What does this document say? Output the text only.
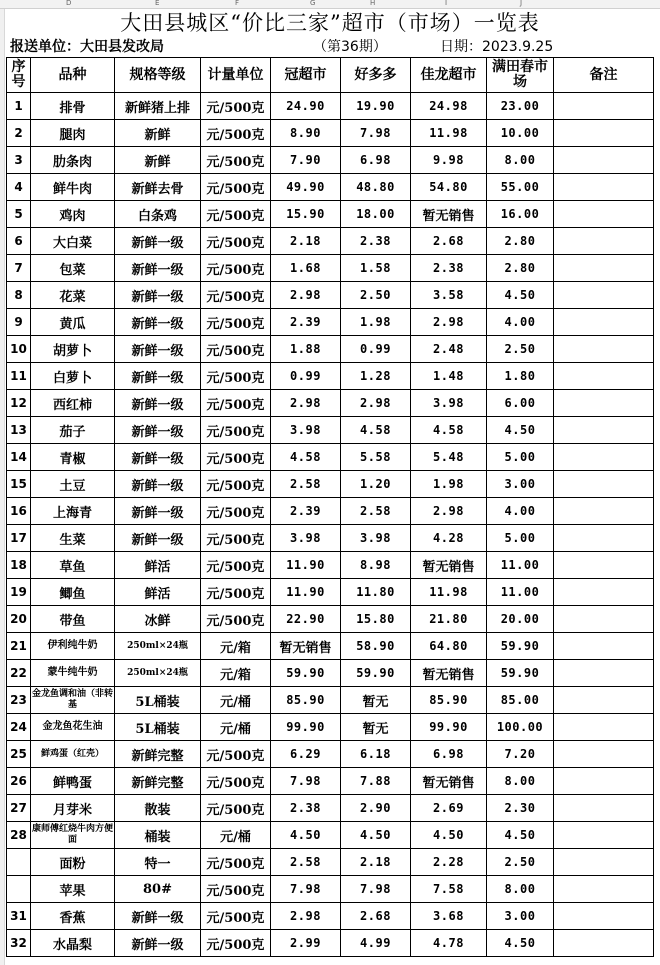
D	E	F	G	H	I	J
大田县城区“价比三家”超市（市场）一览表
报送单位：大田县发改局	（第36期）	日期：2023.9.25
序号	品种	规格等级	计量单位	冠超市	好多多	佳龙超市	满田春市场	备注
1	排骨	新鲜猪上排	元/500克	24.90	19.90	24.98	23.00	
2	腿肉	新鲜	元/500克	8.90	7.98	11.98	10.00	
3	肋条肉	新鲜	元/500克	7.90	6.98	9.98	8.00	
4	鲜牛肉	新鲜去骨	元/500克	49.90	48.80	54.80	55.00	
5	鸡肉	白条鸡	元/500克	15.90	18.00	暂无销售	16.00	
6	大白菜	新鲜一级	元/500克	2.18	2.38	2.68	2.80	
7	包菜	新鲜一级	元/500克	1.68	1.58	2.38	2.80	
8	花菜	新鲜一级	元/500克	2.98	2.50	3.58	4.50	
9	黄瓜	新鲜一级	元/500克	2.39	1.98	2.98	4.00	
10	胡萝卜	新鲜一级	元/500克	1.88	0.99	2.48	2.50	
11	白萝卜	新鲜一级	元/500克	0.99	1.28	1.48	1.80	
12	西红柿	新鲜一级	元/500克	2.98	2.98	3.98	6.00	
13	茄子	新鲜一级	元/500克	3.98	4.58	4.58	4.50	
14	青椒	新鲜一级	元/500克	4.58	5.58	5.48	5.00	
15	土豆	新鲜一级	元/500克	2.58	1.20	1.98	3.00	
16	上海青	新鲜一级	元/500克	2.39	2.58	2.98	4.00	
17	生菜	新鲜一级	元/500克	3.98	3.98	4.28	5.00	
18	草鱼	鲜活	元/500克	11.90	8.98	暂无销售	11.00	
19	鲫鱼	鲜活	元/500克	11.90	11.80	11.98	11.00	
20	带鱼	冰鲜	元/500克	22.90	15.80	21.80	20.00	
21	伊利纯牛奶	250ml×24瓶	元/箱	暂无销售	58.90	64.80	59.90	
22	蒙牛纯牛奶	250ml×24瓶	元/箱	59.90	59.90	暂无销售	59.90	
23	金龙鱼调和油（非转基	5L桶装	元/桶	85.90	暂无	85.90	85.00	
24	金龙鱼花生油	5L桶装	元/桶	99.90	暂无	99.90	100.00	
25	鲜鸡蛋（红壳）	新鲜完整	元/500克	6.29	6.18	6.98	7.20	
26	鲜鸭蛋	新鲜完整	元/500克	7.98	7.88	暂无销售	8.00	
27	月芽米	散装	元/500克	2.38	2.90	2.69	2.30	
28	康师傅红烧牛肉方便面	桶装	元/桶	4.50	4.50	4.50	4.50	
	面粉	特一	元/500克	2.58	2.18	2.28	2.50	
	苹果	80#	元/500克	7.98	7.98	7.58	8.00	
31	香蕉	新鲜一级	元/500克	2.98	2.68	3.68	3.00	
32	水晶梨	新鲜一级	元/500克	2.99	4.99	4.78	4.50	
